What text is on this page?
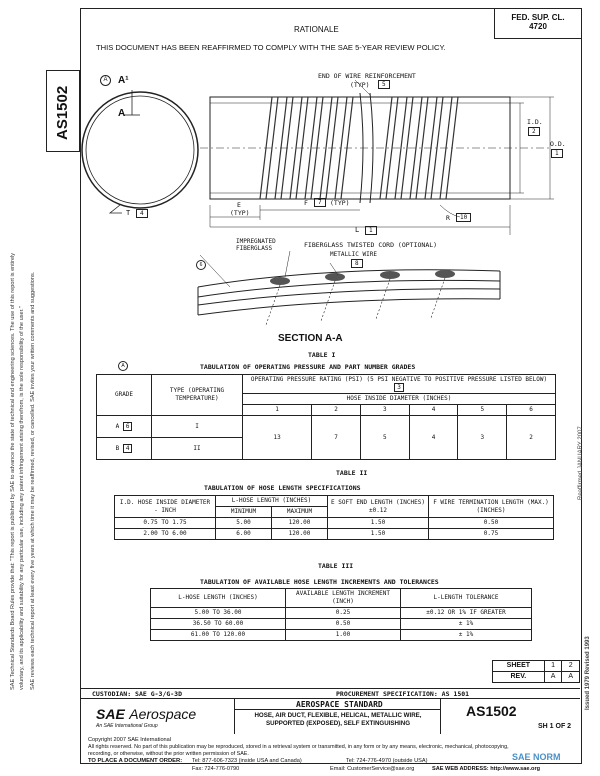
RATIONALE
THIS DOCUMENT HAS BEEN REAFFIRMED TO COMPLY WITH THE SAE 5-YEAR REVIEW POLICY.
FED. SUP. CL.
4720
AS1502
SAE Technical Standards Board Rules provide that: "This report is published by SAE to advance the state of technical and engineering sciences. The use of this report is entirely voluntary, and its applicability and suitability for any particular use, including any patent infringement arising therefrom, is the sole responsibility of the user." SAE reviews each technical report at least every five years at which time it may be reaffirmed, revised, or cancelled. SAE invites your written comments and suggestions.	Reaffirmed JANUARY 2007
Issued 1979 Revised 1993
A	A¹
A
END OF WIRE REINFORCEMENT
(TYP)	5
I.D.
2
O.D.
1
T	4
E
(TYP)
F	7	(TYP)
R	10
L	1
IMPREGNATED FIBERGLASS	FIBERGLASS TWISTED CORD (OPTIONAL)
METALLIC WIRE
8
6
SECTION A-A
TABLE I
A	TABULATION OF OPERATING PRESSURE AND PART NUMBER GRADES
GRADE	TYPE (OPERATING TEMPERATURE)	OPERATING PRESSURE RATING (PSI) (5 PSI NEGATIVE TO POSITIVE PRESSURE LISTED BELOW) 3					
		HOSE INSIDE DIAMETER (INCHES)					
		1	2	3	4	5	6
A 6	I	13	7	5	4	3	2
B 4	II						
TABLE II
TABULATION OF HOSE LENGTH SPECIFICATIONS
I.D. HOSE INSIDE DIAMETER - INCH	L-HOSE LENGTH (INCHES)		E SOFT END LENGTH (INCHES) ±0.12	F WIRE TERMINATION LENGTH (MAX.) (INCHES)
	MINIMUM	MAXIMUM		
0.75 TO 1.75	5.00	120.00	1.50	0.50
2.00 TO 6.00	6.00	120.00	1.50	0.75
TABLE III
TABULATION OF AVAILABLE HOSE LENGTH INCREMENTS AND TOLERANCES
L-HOSE LENGTH (INCHES)	AVAILABLE LENGTH INCREMENT (INCH)	L-LENGTH TOLERANCE
5.00 TO 36.00	0.25	±0.12 OR 1% IF GREATER
36.50 TO 60.00	0.50	± 1%
61.00 TO 120.00	1.00	± 1%
SHEET	1	2
REV.	A	A
CUSTODIAN: SAE G-3/G-3D	PROCUREMENT SPECIFICATION: AS 1501
SAE Aerospace
An SAE International Group
AEROSPACE STANDARD
HOSE, AIR DUCT, FLEXIBLE, HELICAL, METALLIC WIRE, SUPPORTED (EXPOSED), SELF EXTINGUISHING
AS1502
SH 1 OF 2
Copyright 2007 SAE International
All rights reserved. No part of this publication may be reproduced, stored in a retrieval system or transmitted, in any form or by any means, electronic, mechanical, photocopying,
recording, or otherwise, without the prior written permission of SAE.
TO PLACE A DOCUMENT ORDER: Tel: 877-606-7323 (inside USA and Canada)	Tel: 724-776-4970 (outside USA)
Fax: 724-776-0790	Email: CustomerService@sae.org	SAE WEB ADDRESS: http://www.sae.org
SAE NORM
